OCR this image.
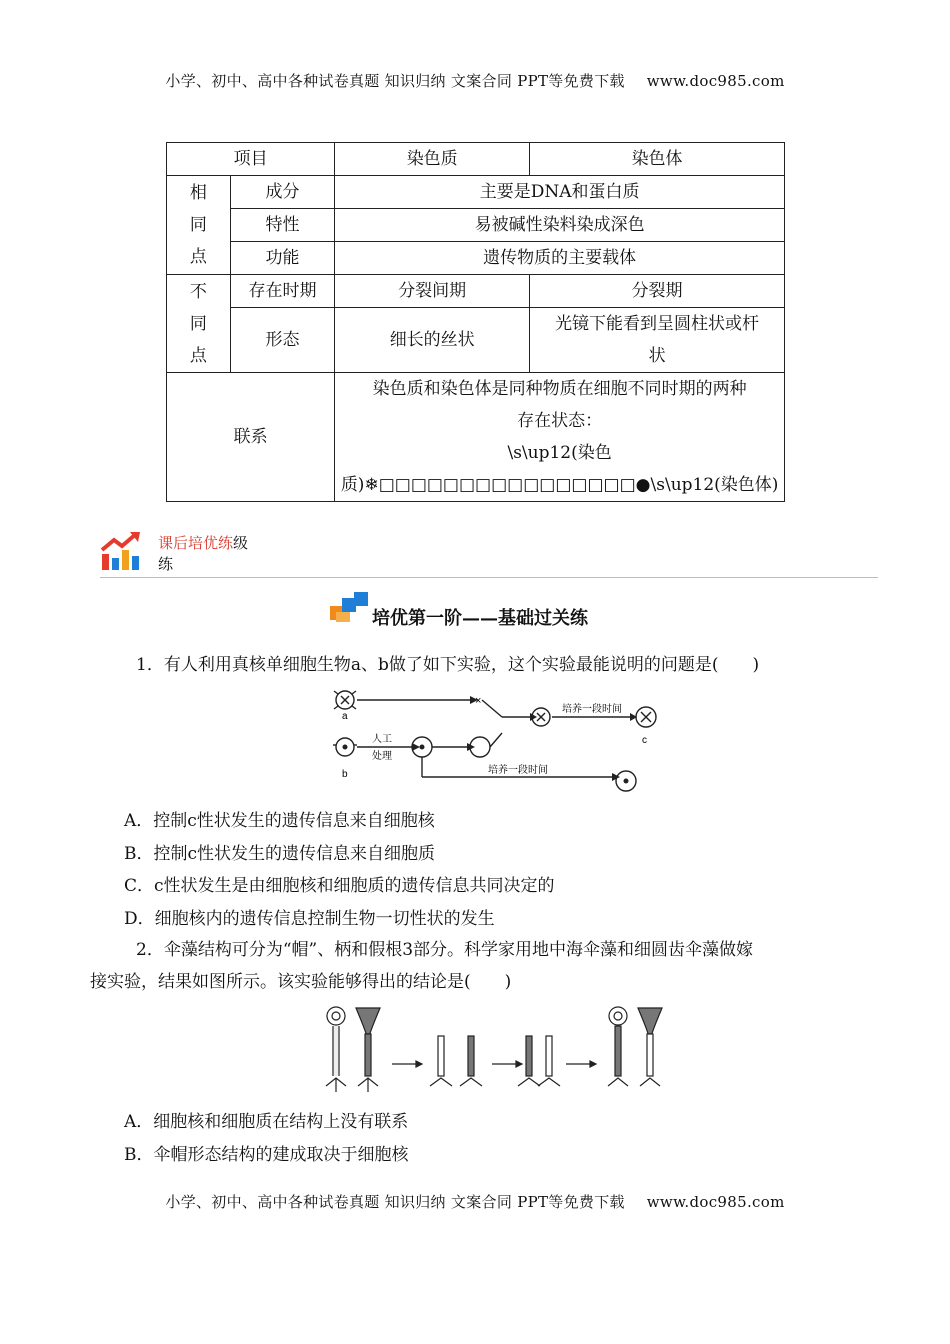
小学、初中、高中各种试卷真题 知识归纳 文案合同 PPT等免费下载 www.doc985.com
项目		染色质	染色体

相
同
点	成分	主要是DNA和蛋白质	
	特性	易被碱性染料染成深色	
	功能	遗传物质的主要载体	

不
同
点	存在时期	分裂间期	分裂期
	形态	细长的丝状	光镜下能看到呈圆柱状或杆
			状
联系		染色质和染色体是同种物质在细胞不同时期的两种
存在状态：
\s\up12(染色
质)❄□□□□□□□□□□□□□□□□●\s\up12(染色体)	
课后培优练级
练
培优第一阶——基础过关练
1．有人利用真核单细胞生物a、b做了如下实验，这个实验最能说明的问题是(　　)
a
b
c
×
人工
处理
培养一段时间
培养一段时间
A．控制c性状发生的遗传信息来自细胞核
B．控制c性状发生的遗传信息来自细胞质
C．c性状发生是由细胞核和细胞质的遗传信息共同决定的
D．细胞核内的遗传信息控制生物一切性状的发生
2．伞藻结构可分为“帽”、柄和假根3部分。科学家用地中海伞藻和细圆齿伞藻做嫁
接实验，结果如图所示。该实验能够得出的结论是(　　)
A．细胞核和细胞质在结构上没有联系
B．伞帽形态结构的建成取决于细胞核
小学、初中、高中各种试卷真题 知识归纳 文案合同 PPT等免费下载 www.doc985.com
